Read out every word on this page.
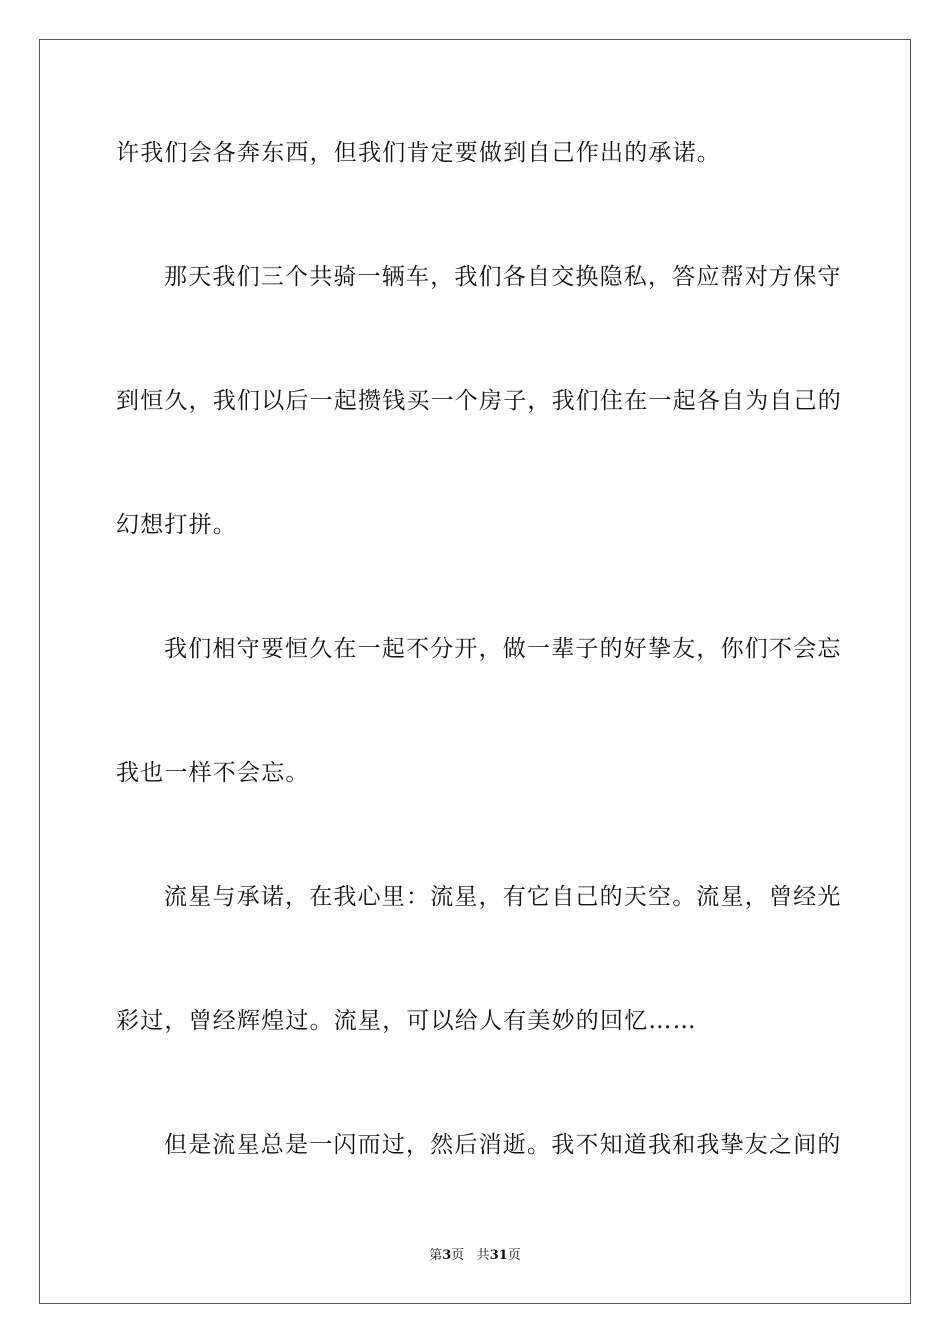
许我们会各奔东西，但我们肯定要做到自己作出的承诺。
那天我们三个共骑一辆车，我们各自交换隐私，答应帮对方保守
到恒久，我们以后一起攒钱买一个房子，我们住在一起各自为自己的
幻想打拼。
我们相守要恒久在一起不分开，做一辈子的好挚友，你们不会忘
我也一样不会忘。
流星与承诺，在我心里：流星，有它自己的天空。流星，曾经光
彩过，曾经辉煌过。流星，可以给人有美妙的回忆……
但是流星总是一闪而过，然后消逝。我不知道我和我挚友之间的
第3页 共31页
